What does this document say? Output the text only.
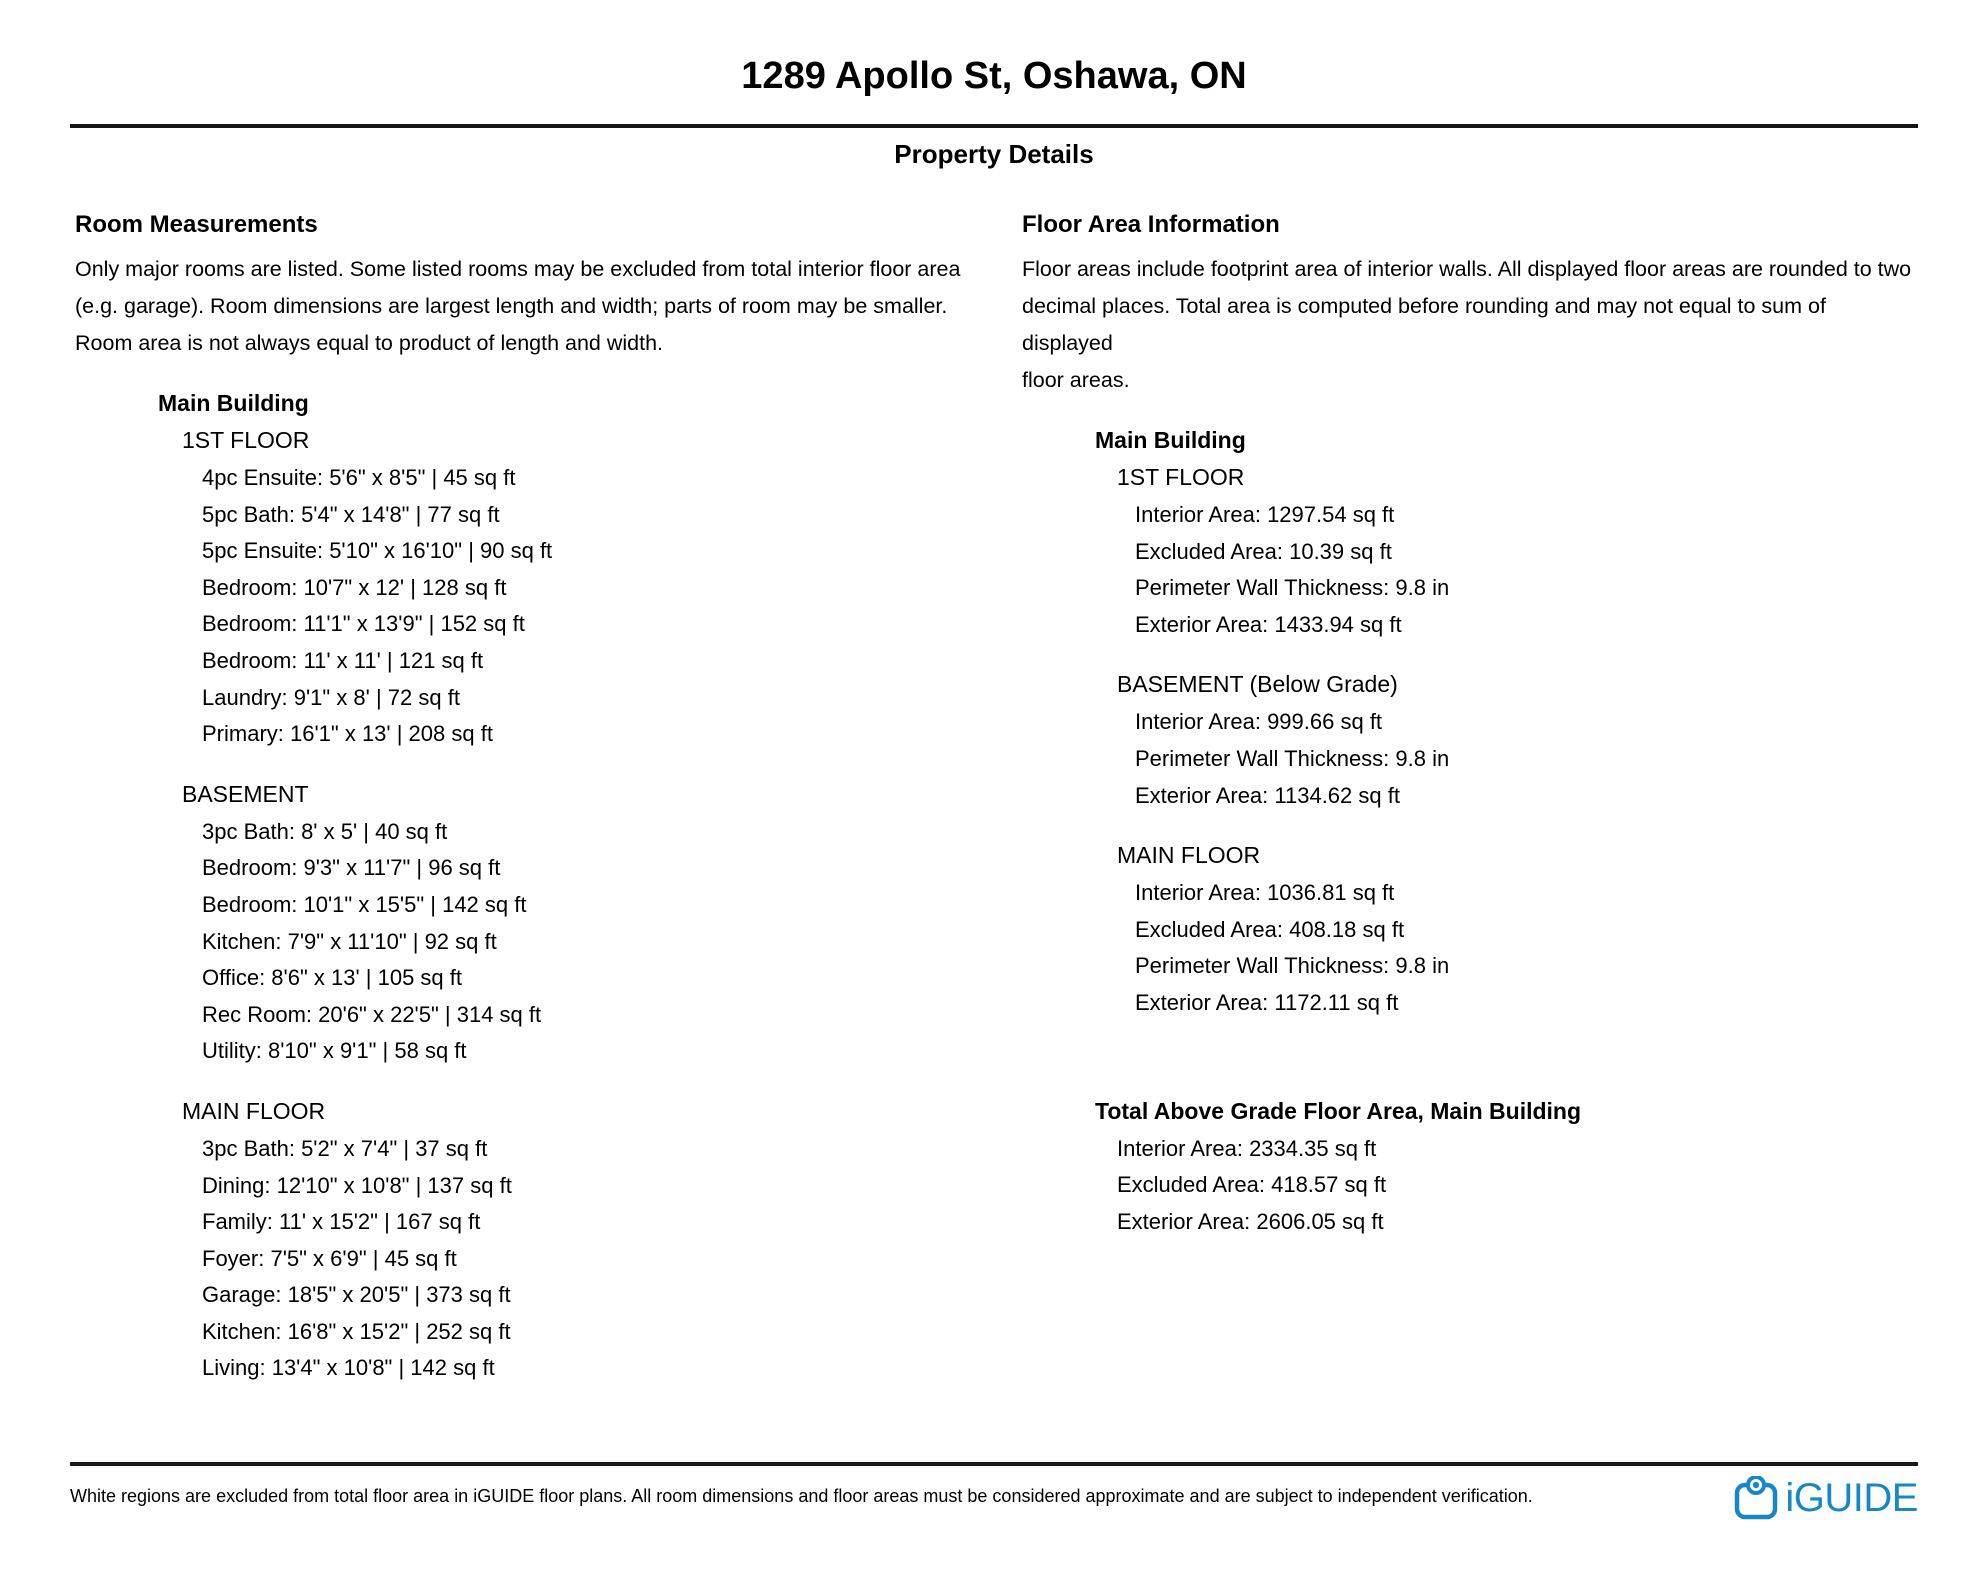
1289 Apollo St, Oshawa, ON
Property Details
Room Measurements
Only major rooms are listed. Some listed rooms may be excluded from total interior floor area
(e.g. garage). Room dimensions are largest length and width; parts of room may be smaller.
Room area is not always equal to product of length and width.
Main Building
1ST FLOOR
4pc Ensuite: 5'6" x 8'5" | 45 sq ft
5pc Bath: 5'4" x 14'8" | 77 sq ft
5pc Ensuite: 5'10" x 16'10" | 90 sq ft
Bedroom: 10'7" x 12' | 128 sq ft
Bedroom: 11'1" x 13'9" | 152 sq ft
Bedroom: 11' x 11' | 121 sq ft
Laundry: 9'1" x 8' | 72 sq ft
Primary: 16'1" x 13' | 208 sq ft
BASEMENT
3pc Bath: 8' x 5' | 40 sq ft
Bedroom: 9'3" x 11'7" | 96 sq ft
Bedroom: 10'1" x 15'5" | 142 sq ft
Kitchen: 7'9" x 11'10" | 92 sq ft
Office: 8'6" x 13' | 105 sq ft
Rec Room: 20'6" x 22'5" | 314 sq ft
Utility: 8'10" x 9'1" | 58 sq ft
MAIN FLOOR
3pc Bath: 5'2" x 7'4" | 37 sq ft
Dining: 12'10" x 10'8" | 137 sq ft
Family: 11' x 15'2" | 167 sq ft
Foyer: 7'5" x 6'9" | 45 sq ft
Garage: 18'5" x 20'5" | 373 sq ft
Kitchen: 16'8" x 15'2" | 252 sq ft
Living: 13'4" x 10'8" | 142 sq ft
Floor Area Information
Floor areas include footprint area of interior walls. All displayed floor areas are rounded to two
decimal places. Total area is computed before rounding and may not equal to sum of displayed
floor areas.
Main Building
1ST FLOOR
Interior Area: 1297.54 sq ft
Excluded Area: 10.39 sq ft
Perimeter Wall Thickness: 9.8 in
Exterior Area: 1433.94 sq ft
BASEMENT (Below Grade)
Interior Area: 999.66 sq ft
Perimeter Wall Thickness: 9.8 in
Exterior Area: 1134.62 sq ft
MAIN FLOOR
Interior Area: 1036.81 sq ft
Excluded Area: 408.18 sq ft
Perimeter Wall Thickness: 9.8 in
Exterior Area: 1172.11 sq ft
Total Above Grade Floor Area, Main Building
Interior Area: 2334.35 sq ft
Excluded Area: 418.57 sq ft
Exterior Area: 2606.05 sq ft

White regions are excluded from total floor area in iGUIDE floor plans. All room dimensions and floor areas must be considered approximate and are subject to independent verification.	iGUIDE
